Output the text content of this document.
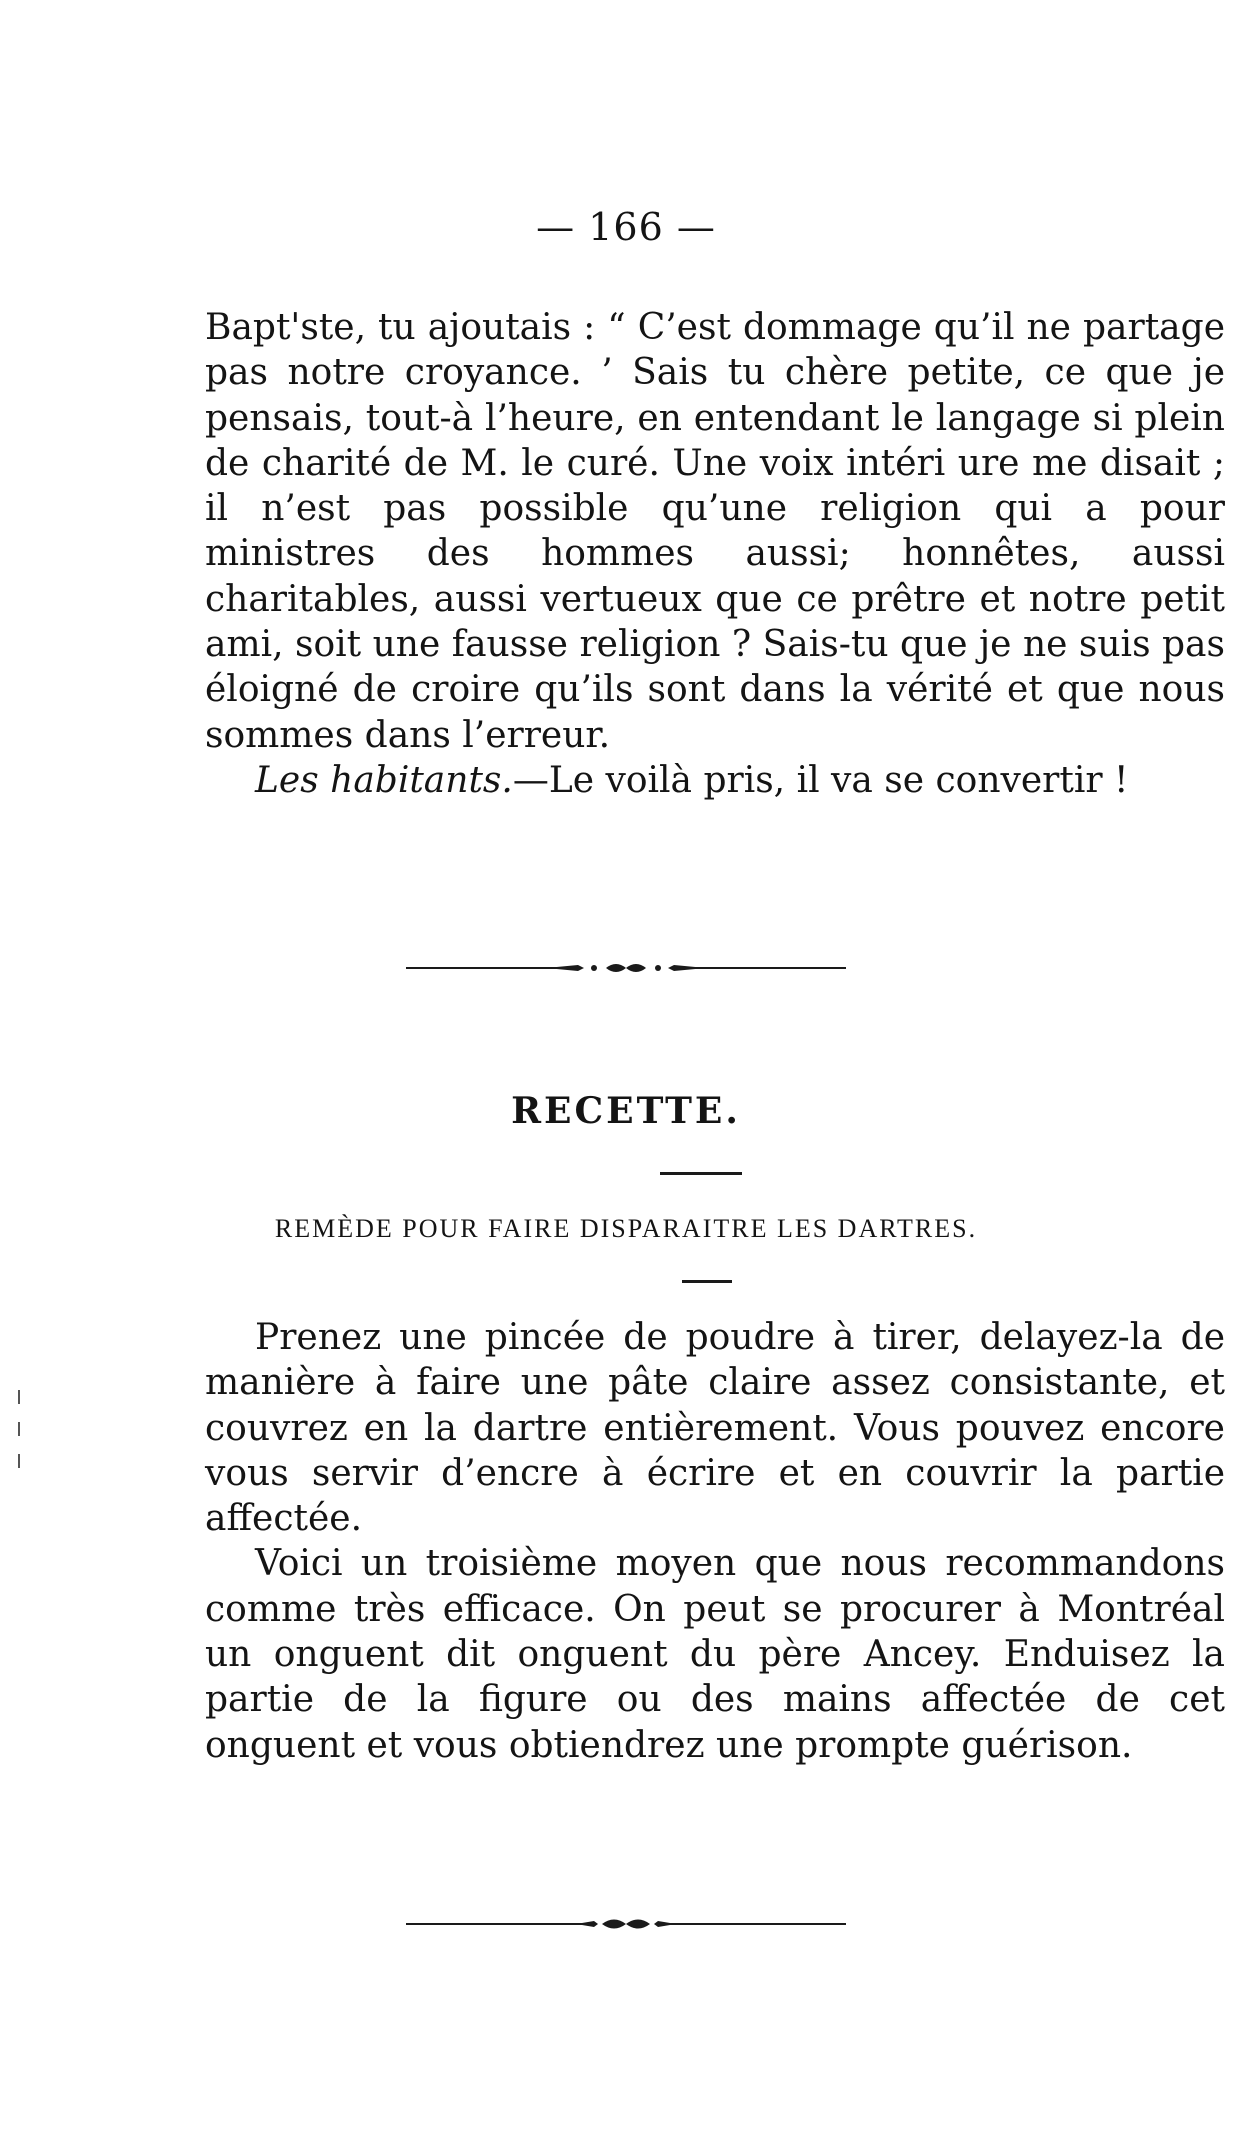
— 166 —

Bapt'ste, tu ajoutais : “ C’est dommage qu’il ne partage pas notre croyance. ’ Sais tu chère petite, ce que je pensais, tout-à l’heure, en entendant le langage si plein de charité de M. le curé. Une voix intéri ure me disait ; il n’est pas possible qu’une religion qui a pour ministres des hommes aussi; honnêtes, aussi charitables, aussi vertueux que ce prêtre et notre petit ami, soit une fausse religion ? Sais-tu que je ne suis pas éloigné de croire qu’ils sont dans la vérité et que nous sommes dans l’erreur.

Les habitants.—Le voilà pris, il va se convertir !

RECETTE.
REMÈDE POUR FAIRE DISPARAITRE LES DARTRES.

Prenez une pincée de poudre à tirer, delayez-la de manière à faire une pâte claire assez consistante, et couvrez en la dartre entièrement. Vous pouvez encore vous servir d’encre à écrire et en couvrir la partie affectée.

Voici un troisième moyen que nous recommandons comme très efficace. On peut se procurer à Montréal un onguent dit onguent du père Ancey. Enduisez la partie de la figure ou des mains affectée de cet onguent et vous obtiendrez une prompte guérison.
